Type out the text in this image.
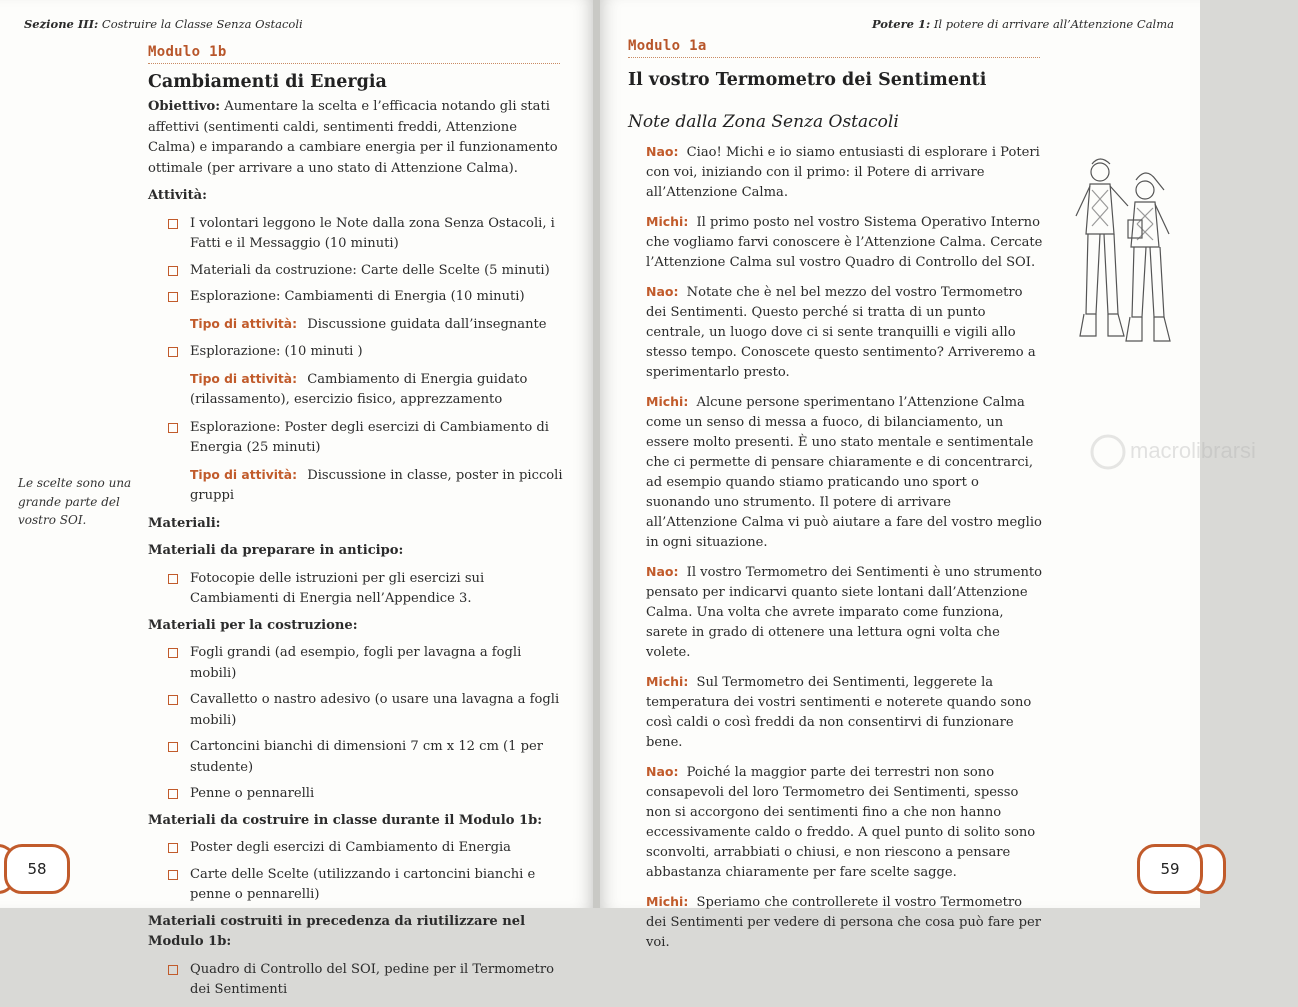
Sezione III: Costruire la Classe Senza Ostacoli
Modulo 1b
Cambiamenti di Energia

Obiettivo: Aumentare la scelta e l’efficacia notando gli stati affettivi (sentimenti caldi, sentimenti freddi, Attenzione Calma) e imparando a cambiare energia per il funzionamento ottimale (per arrivare a uno stato di Attenzione Calma).

Attività:

I volontari leggono le Note dalla zona Senza Ostacoli, i Fatti e il Messaggio (10 minuti)
Materiali da costruzione: Carte delle Scelte (5 minuti)
Esplorazione: Cambiamenti di Energia (10 minuti)
Tipo di attività: Discussione guidata dall’insegnante
Esplorazione: (10 minuti )
Tipo di attività: Cambiamento di Energia guidato (rilassamento), esercizio fisico, apprezzamento
Esplorazione: Poster degli esercizi di Cambiamento di Energia (25 minuti)
Tipo di attività: Discussione in classe, poster in piccoli gruppi

Materiali:

Materiali da preparare in anticipo:

Fotocopie delle istruzioni per gli esercizi sui Cambiamenti di Energia nell’Appendice 3.

Materiali per la costruzione:

Fogli grandi (ad esempio, fogli per lavagna a fogli mobili)
Cavalletto o nastro adesivo (o usare una lavagna a fogli mobili)
Cartoncini bianchi di dimensioni 7 cm x 12 cm (1 per studente)
Penne o pennarelli

Materiali da costruire in classe durante il Modulo 1b:

Poster degli esercizi di Cambiamento di Energia
Carte delle Scelte (utilizzando i cartoncini bianchi e penne o pennarelli)

Materiali costruiti in precedenza da riutilizzare nel Modulo 1b:

Quadro di Controllo del SOI, pedine per il Termometro dei Sentimenti
Le scelte sono una grande parte del vostro SOI.
58
Potere 1: Il potere di arrivare all’Attenzione Calma
Modulo 1a
Il vostro Termometro dei Sentimenti
Note dalla Zona Senza Ostacoli

Nao: Ciao! Michi e io siamo entusiasti di esplorare i Poteri con voi, iniziando con il primo: il Potere di arrivare all’Attenzione Calma.

Michi: Il primo posto nel vostro Sistema Operativo Interno che vogliamo farvi conoscere è l’Attenzione Calma. Cercate l’Attenzione Calma sul vostro Quadro di Controllo del SOI.

Nao: Notate che è nel bel mezzo del vostro Termometro dei Sentimenti. Questo perché si tratta di un punto centrale, un luogo dove ci si sente tranquilli e vigili allo stesso tempo. Conoscete questo sentimento? Arriveremo a sperimentarlo presto.

Michi: Alcune persone sperimentano l’Attenzione Calma come un senso di messa a fuoco, di bilanciamento, un essere molto presenti. È uno stato mentale e sentimentale che ci permette di pensare chiaramente e di concentrarci, ad esempio quando stiamo praticando uno sport o suonando uno strumento. Il potere di arrivare all’Attenzione Calma vi può aiutare a fare del vostro meglio in ogni situazione.

Nao: Il vostro Termometro dei Sentimenti è uno strumento pensato per indicarvi quanto siete lontani dall’Attenzione Calma. Una volta che avrete imparato come funziona, sarete in grado di ottenere una lettura ogni volta che volete.

Michi: Sul Termometro dei Sentimenti, leggerete la temperatura dei vostri sentimenti e noterete quando sono così caldi o così freddi da non consentirvi di funzionare bene.

Nao: Poiché la maggior parte dei terrestri non sono consapevoli del loro Termometro dei Sentimenti, spesso non si accorgono dei sentimenti fino a che non hanno eccessivamente caldo o freddo. A quel punto di solito sono sconvolti, arrabbiati o chiusi, e non riescono a pensare abbastanza chiaramente per fare scelte sagge.

Michi: Speriamo che controllerete il vostro Termometro dei Sentimenti per vedere di persona che cosa può fare per voi.

macrolibrarsi
59
